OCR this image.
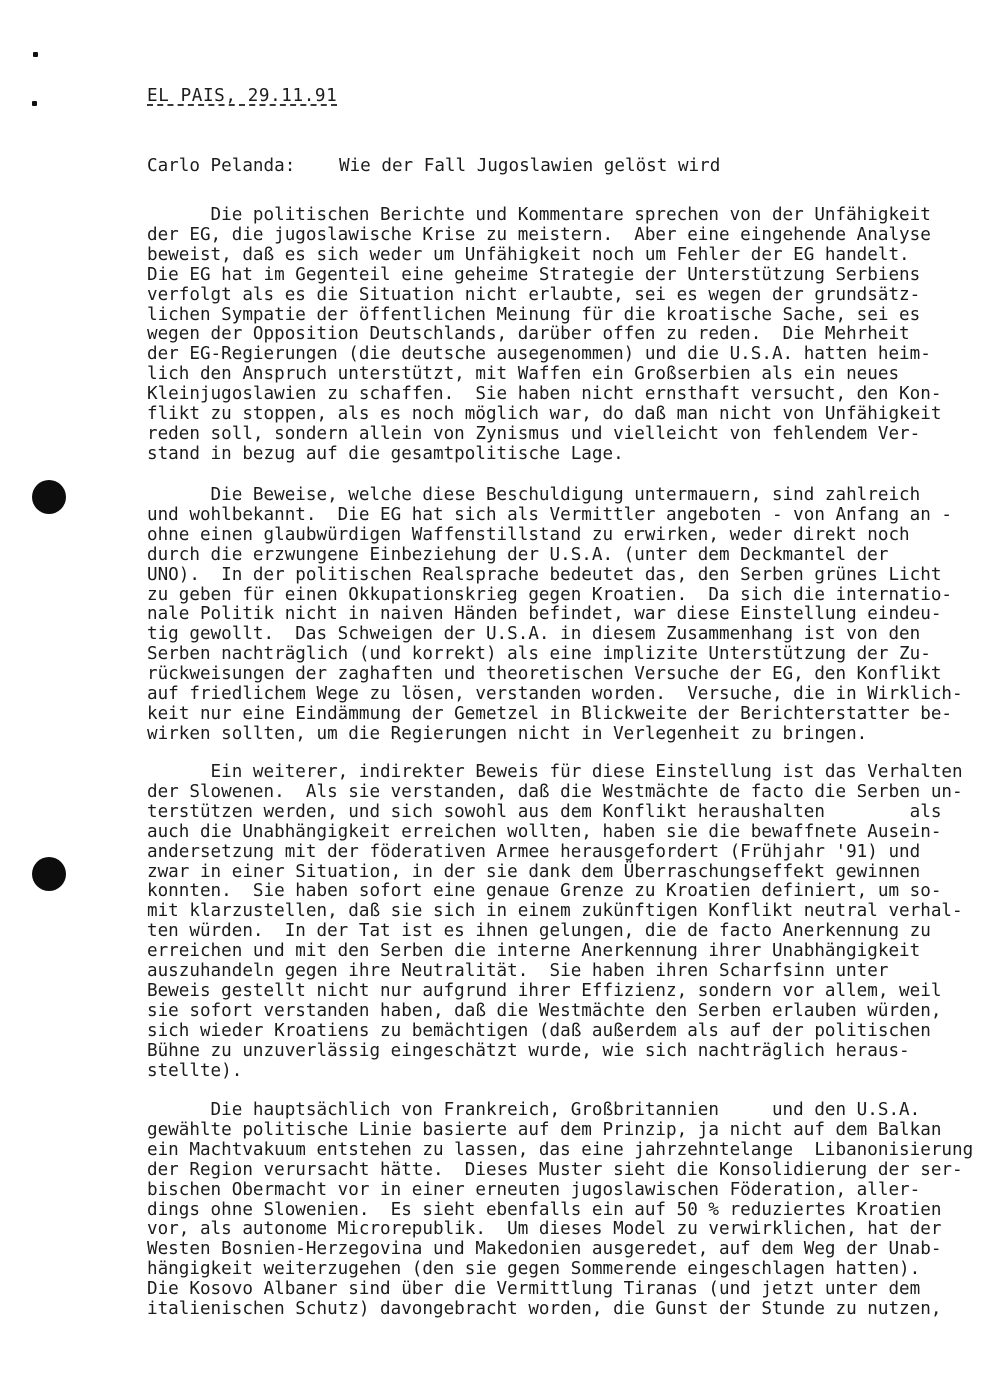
EL PAIS, 29.11.91
Carlo Pelanda: Wie der Fall Jugoslawien gelöst wird

Die politischen Berichte und Kommentare sprechen von der Unfähigkeit
der EG, die jugoslawische Krise zu meistern.  Aber eine eingehende Analyse
beweist, daß es sich weder um Unfähigkeit noch um Fehler der EG handelt.
Die EG hat im Gegenteil eine geheime Strategie der Unterstützung Serbiens
verfolgt als es die Situation nicht erlaubte, sei es wegen der grundsätz-
lichen Sympatie der öffentlichen Meinung für die kroatische Sache, sei es
wegen der Opposition Deutschlands, darüber offen zu reden.  Die Mehrheit
der EG-Regierungen (die deutsche ausegenommen) und die U.S.A. hatten heim-
lich den Anspruch unterstützt, mit Waffen ein Großserbien als ein neues
Kleinjugoslawien zu schaffen.  Sie haben nicht ernsthaft versucht, den Kon-
flikt zu stoppen, als es noch möglich war, do daß man nicht von Unfähigkeit
reden soll, sondern allein von Zynismus und vielleicht von fehlendem Ver-
stand in bezug auf die gesamtpolitische Lage.

Die Beweise, welche diese Beschuldigung untermauern, sind zahlreich
und wohlbekannt.  Die EG hat sich als Vermittler angeboten - von Anfang an -
ohne einen glaubwürdigen Waffenstillstand zu erwirken, weder direkt noch
durch die erzwungene Einbeziehung der U.S.A. (unter dem Deckmantel der
UNO).  In der politischen Realsprache bedeutet das, den Serben grünes Licht
zu geben für einen Okkupationskrieg gegen Kroatien.  Da sich die internatio-
nale Politik nicht in naiven Händen befindet, war diese Einstellung eindeu-
tig gewollt.  Das Schweigen der U.S.A. in diesem Zusammenhang ist von den
Serben nachträglich (und korrekt) als eine implizite Unterstützung der Zu-
rückweisungen der zaghaften und theoretischen Versuche der EG, den Konflikt
auf friedlichem Wege zu lösen, verstanden worden.  Versuche, die in Wirklich-
keit nur eine Eindämmung der Gemetzel in Blickweite der Berichterstatter be-
wirken sollten, um die Regierungen nicht in Verlegenheit zu bringen.

Ein weiterer, indirekter Beweis für diese Einstellung ist das Verhalten
der Slowenen.  Als sie verstanden, daß die Westmächte de facto die Serben un-
terstützen werden, und sich sowohl aus dem Konflikt heraushalten        als
auch die Unabhängigkeit erreichen wollten, haben sie die bewaffnete Ausein-
andersetzung mit der föderativen Armee herausgefordert (Frühjahr '91) und
zwar in einer Situation, in der sie dank dem Überraschungseffekt gewinnen
konnten.  Sie haben sofort eine genaue Grenze zu Kroatien definiert, um so-
mit klarzustellen, daß sie sich in einem zukünftigen Konflikt neutral verhal-
ten würden.  In der Tat ist es ihnen gelungen, die de facto Anerkennung zu
erreichen und mit den Serben die interne Anerkennung ihrer Unabhängigkeit
auszuhandeln gegen ihre Neutralität.  Sie haben ihren Scharfsinn unter
Beweis gestellt nicht nur aufgrund ihrer Effizienz, sondern vor allem, weil
sie sofort verstanden haben, daß die Westmächte den Serben erlauben würden,
sich wieder Kroatiens zu bemächtigen (daß außerdem als auf der politischen
Bühne zu unzuverlässig eingeschätzt wurde, wie sich nachträglich heraus-
stellte).

Die hauptsächlich von Frankreich, Großbritannien     und den U.S.A.
gewählte politische Linie basierte auf dem Prinzip, ja nicht auf dem Balkan
ein Machtvakuum entstehen zu lassen, das eine jahrzehntelange  Libanonisierung
der Region verursacht hätte.  Dieses Muster sieht die Konsolidierung der ser-
bischen Obermacht vor in einer erneuten jugoslawischen Föderation, aller-
dings ohne Slowenien.  Es sieht ebenfalls ein auf 50 % reduziertes Kroatien
vor, als autonome Microrepublik.  Um dieses Model zu verwirklichen, hat der
Westen Bosnien-Herzegovina und Makedonien ausgeredet, auf dem Weg der Unab-
hängigkeit weiterzugehen (den sie gegen Sommerende eingeschlagen hatten).
Die Kosovo Albaner sind über die Vermittlung Tiranas (und jetzt unter dem
italienischen Schutz) davongebracht worden, die Gunst der Stunde zu nutzen,
